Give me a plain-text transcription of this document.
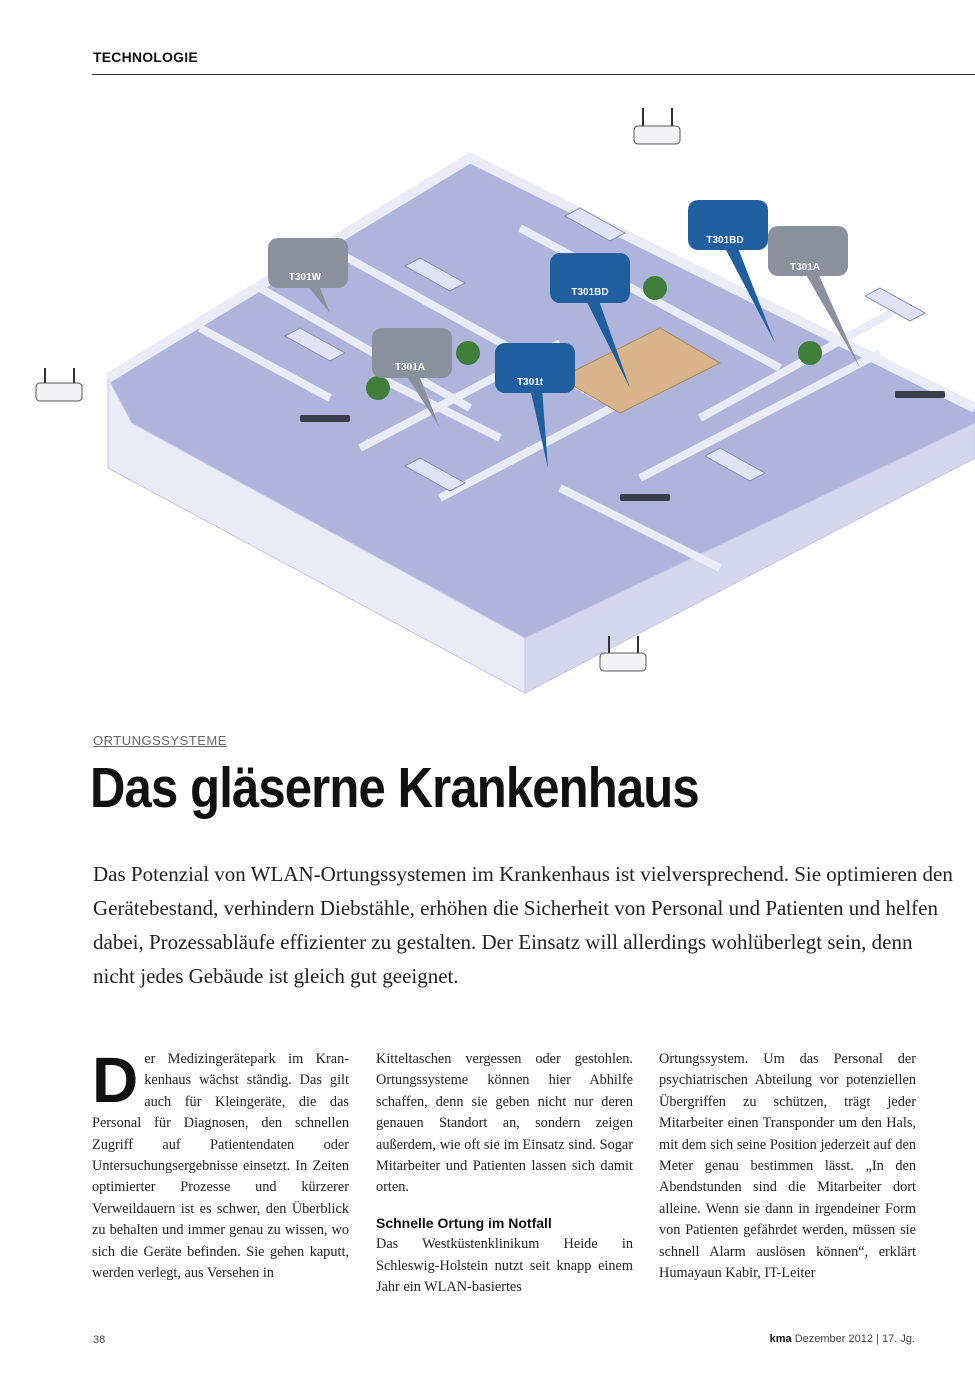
TECHNOLOGIE
T301W
T301A
T301t
T301BD
T301BD
T301A
ORTUNGSSYSTEME
Das gläserne Krankenhaus
Das Potenzial von WLAN-Ortungssystemen im Krankenhaus ist vielversprechend. Sie optimieren den Gerätebestand, verhindern Diebstähle, erhöhen die Sicherheit von Personal und Patienten und helfen dabei, Prozessabläufe effizienter zu gestalten. Der Einsatz will allerdings wohlüberlegt sein, denn nicht jedes Gebäude ist gleich gut geeignet.
D er Medizingerätepark im Krankenhaus wächst ständig. Das gilt auch für Kleingeräte, die das Personal für Diagnosen, den schnellen Zugriff auf Patientendaten oder Untersuchungsergebnisse einsetzt. In Zeiten optimierter Prozesse und kürzerer Verweildauern ist es schwer, den Überblick zu behalten und immer genau zu wissen, wo sich die Geräte befinden. Sie gehen kaputt, werden verlegt, aus Versehen in

Kitteltaschen vergessen oder gestohlen. Ortungssysteme können hier Abhilfe schaffen, denn sie geben nicht nur deren genauen Standort an, sondern zeigen außerdem, wie oft sie im Einsatz sind. Sogar Mitarbeiter und Patienten lassen sich damit orten.

Schnelle Ortung im Notfall

Das Westküstenklinikum Heide in Schleswig-Holstein nutzt seit knapp einem Jahr ein WLAN-basiertes

Ortungssystem. Um das Personal der psychiatrischen Abteilung vor potenziellen Übergriffen zu schützen, trägt jeder Mitarbeiter einen Transponder um den Hals, mit dem sich seine Position jederzeit auf den Meter genau bestimmen lässt. „In den Abendstunden sind die Mitarbeiter dort alleine. Wenn sie dann in irgendeiner Form von Patienten gefährdet werden, müssen sie schnell Alarm auslösen können“, erklärt Humayaun Kabir, IT-Leiter

38	kma Dezember 2012 | 17. Jg.
